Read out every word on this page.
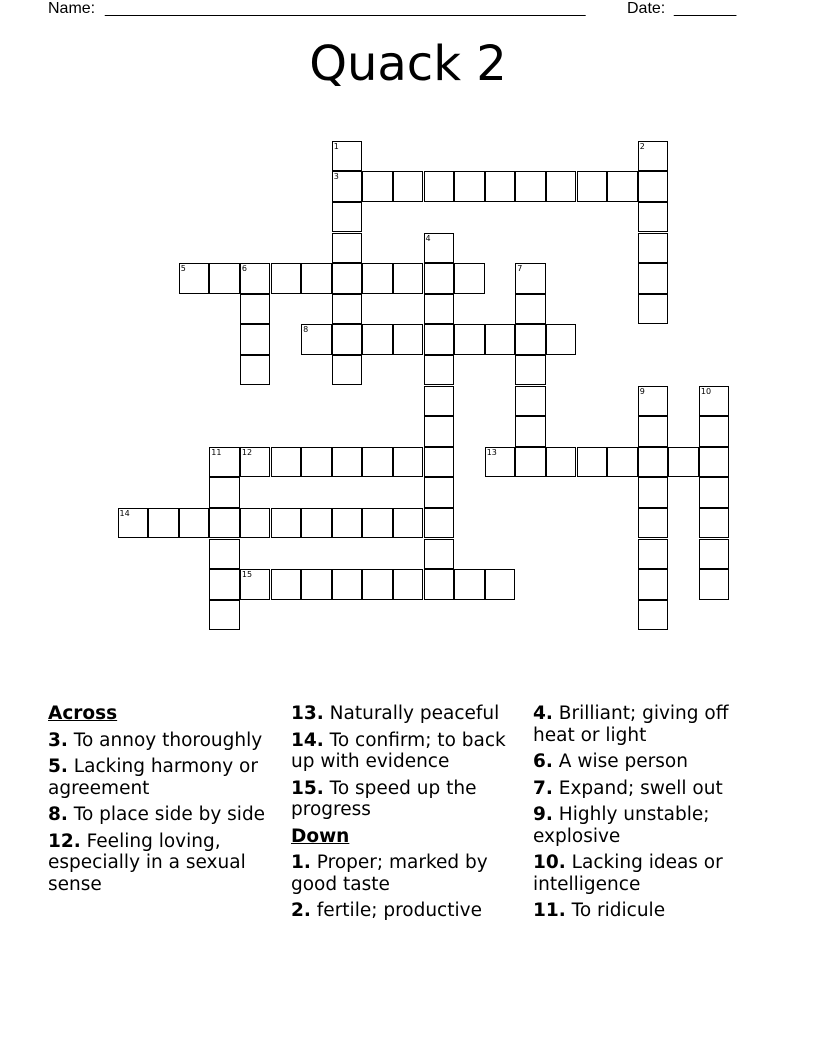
Name: ______________________________________________________	Date: _______
Quack 2
1	2
3
4
5	6	7
8
9	10
11	12	13
14
15
Across
3. To annoy thoroughly
5. Lacking harmony or agreement
8. To place side by side
12. Feeling loving, especially in a sexual sense
13. Naturally peaceful
14. To confirm; to back up with evidence
15. To speed up the progress
Down
1. Proper; marked by good taste
2. fertile; productive
4. Brilliant; giving off heat or light
6. A wise person
7. Expand; swell out
9. Highly unstable; explosive
10. Lacking ideas or intelligence
11. To ridicule
